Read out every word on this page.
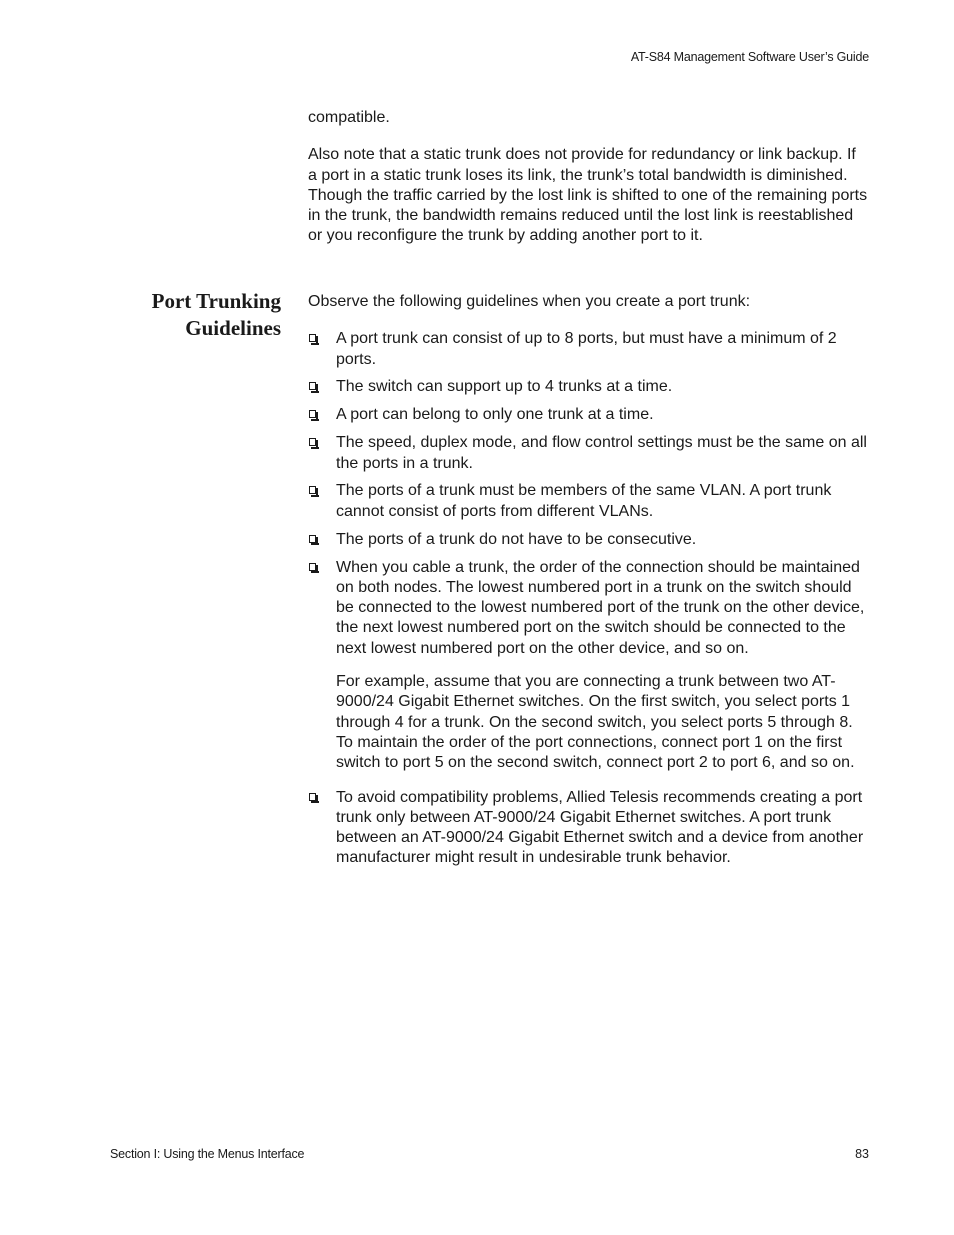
AT-S84 Management Software User’s Guide

compatible.

Also note that a static trunk does not provide for redundancy or link backup. If a port in a static trunk loses its link, the trunk’s total bandwidth is diminished. Though the traffic carried by the lost link is shifted to one of the remaining ports in the trunk, the bandwidth remains reduced until the lost link is reestablished or you reconfigure the trunk by adding another port to it.

Port Trunking
Guidelines

Observe the following guidelines when you create a port trunk:

A port trunk can consist of up to 8 ports, but must have a minimum of 2 ports.
The switch can support up to 4 trunks at a time.
A port can belong to only one trunk at a time.
The speed, duplex mode, and flow control settings must be the same on all the ports in a trunk.
The ports of a trunk must be members of the same VLAN. A port trunk cannot consist of ports from different VLANs.
The ports of a trunk do not have to be consecutive.
When you cable a trunk, the order of the connection should be maintained on both nodes. The lowest numbered port in a trunk on the switch should be connected to the lowest numbered port of the trunk on the other device, the next lowest numbered port on the switch should be connected to the next lowest numbered port on the other device, and so on.

For example, assume that you are connecting a trunk between two AT-9000/24 Gigabit Ethernet switches. On the first switch, you select ports 1 through 4 for a trunk. On the second switch, you select ports 5 through 8. To maintain the order of the port connections, connect port 1 on the first switch to port 5 on the second switch, connect port 2 to port 6, and so on.

To avoid compatibility problems, Allied Telesis recommends creating a port trunk only between AT-9000/24 Gigabit Ethernet switches. A port trunk between an AT-9000/24 Gigabit Ethernet switch and a device from another manufacturer might result in undesirable trunk behavior.
Section I: Using the Menus Interface	83
